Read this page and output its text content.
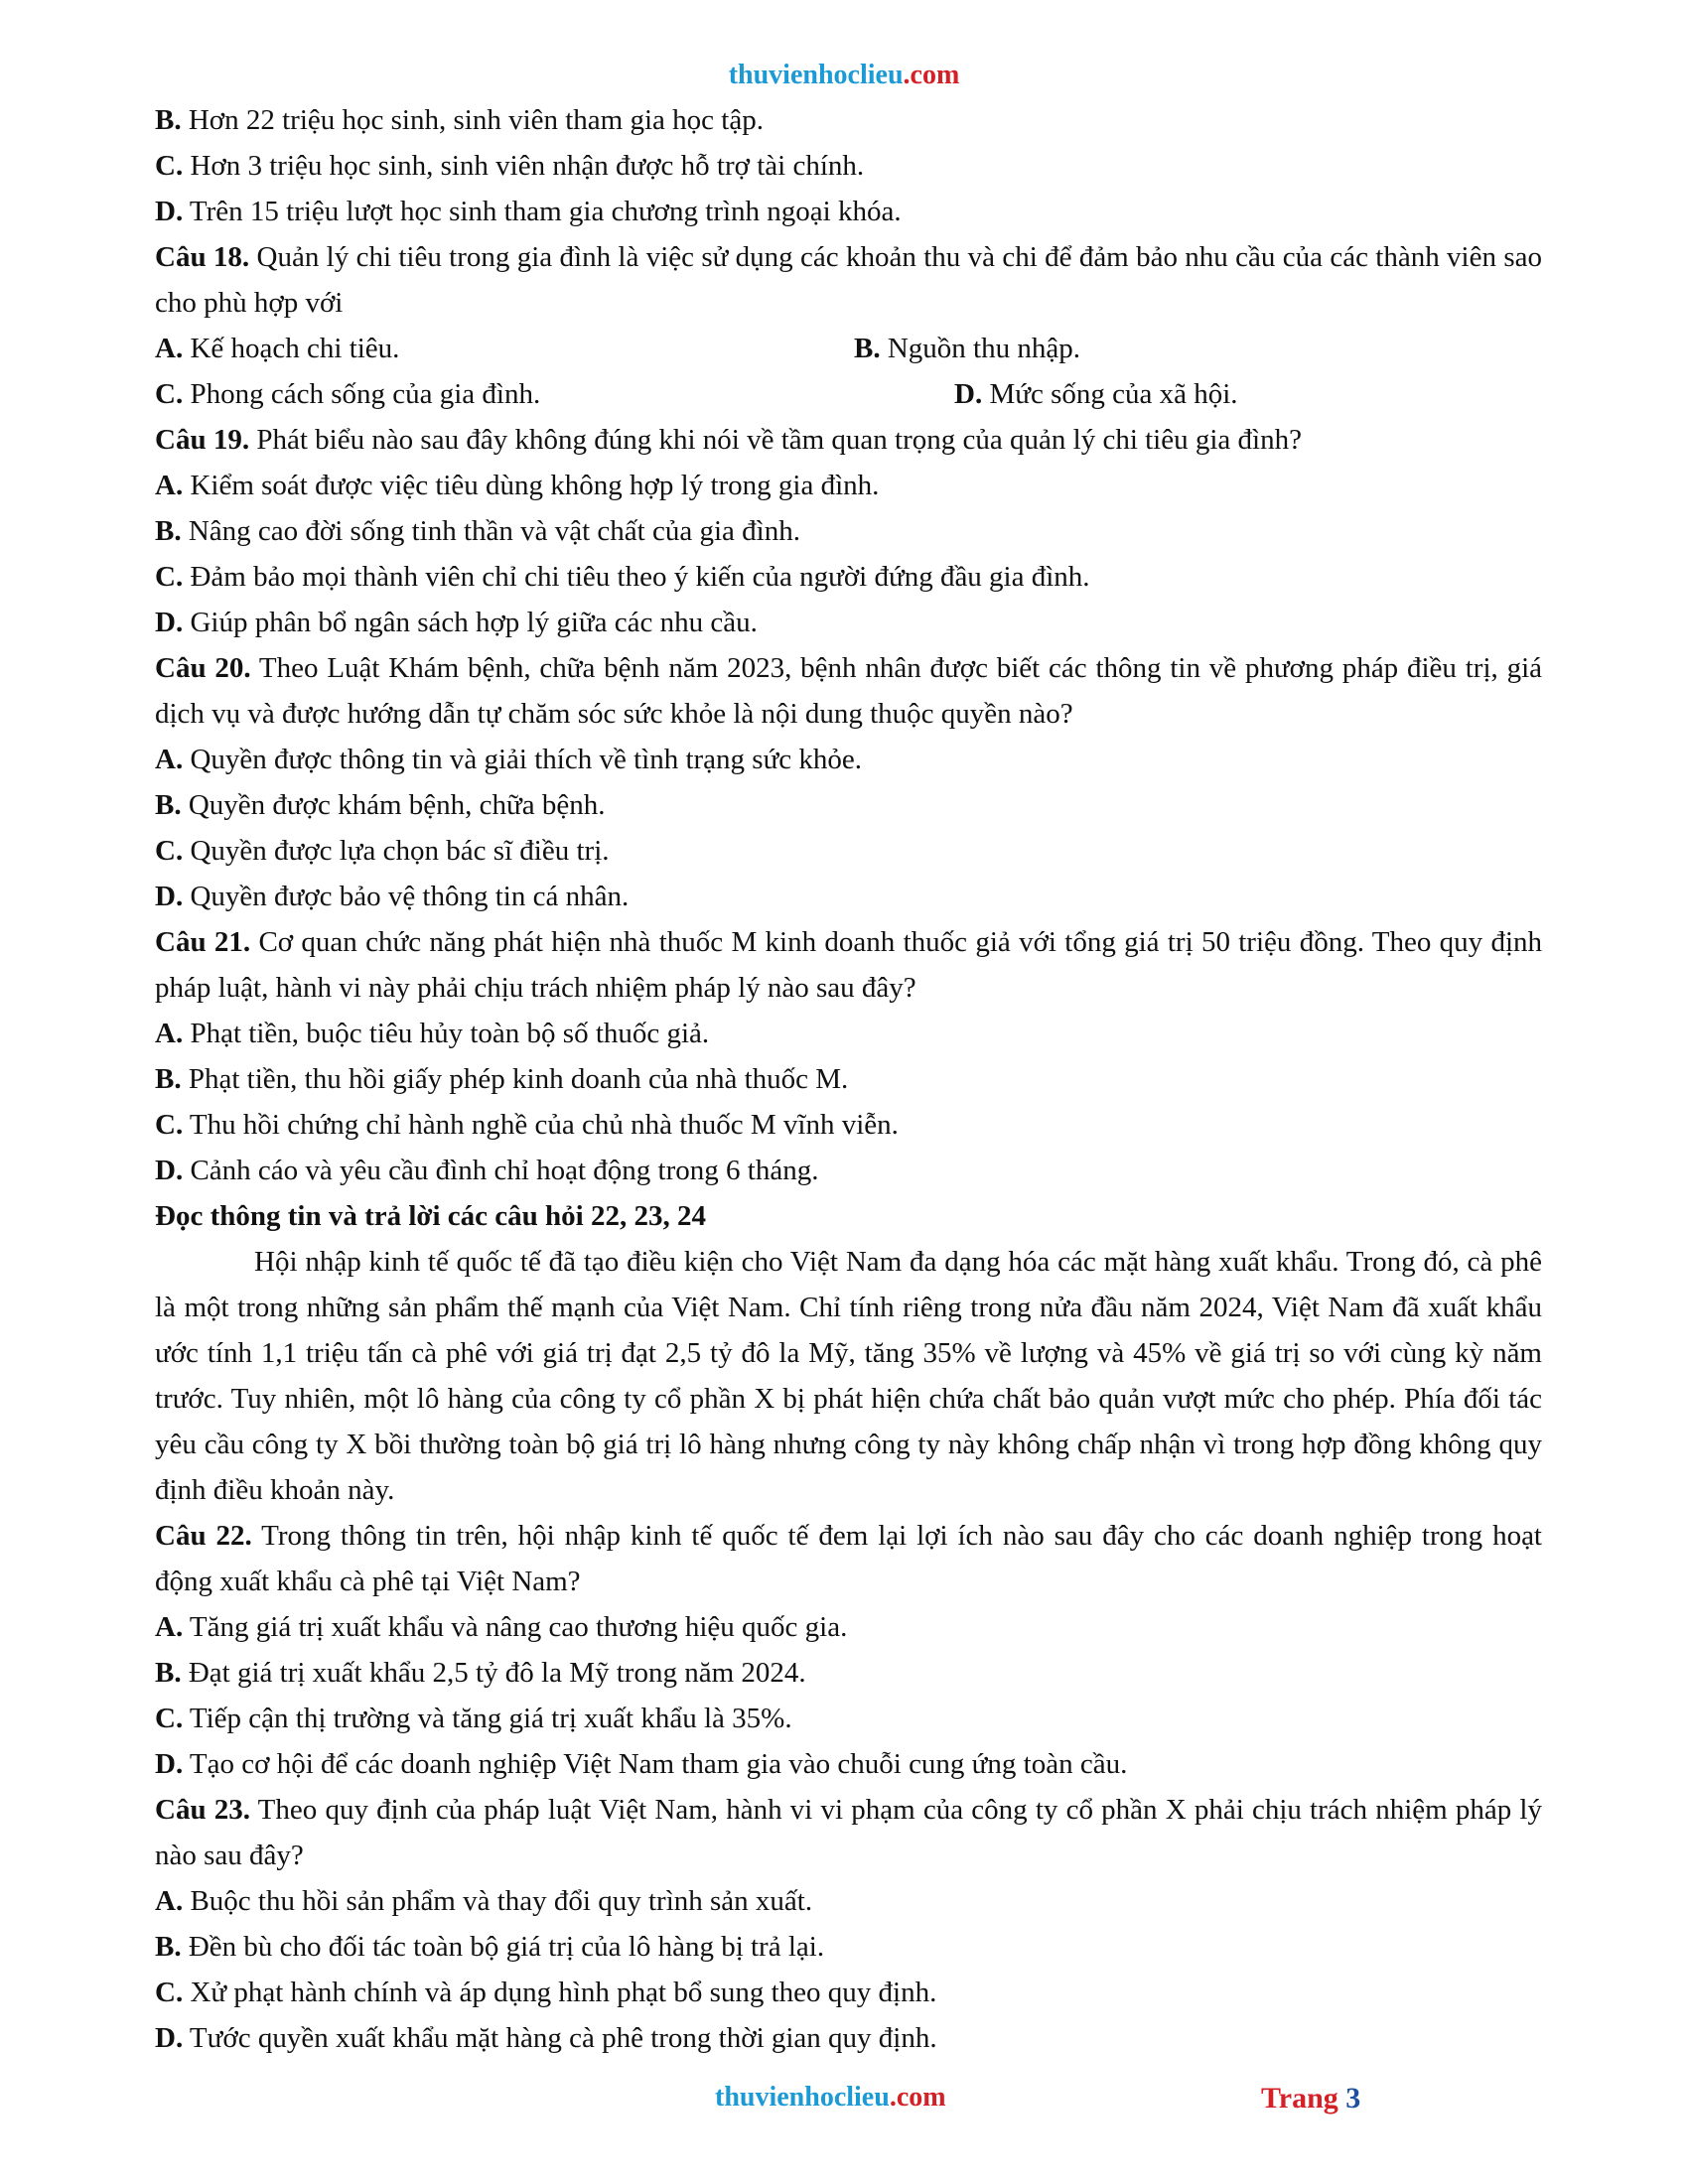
thuvienhoclieu.com

B. Hơn 22 triệu học sinh, sinh viên tham gia học tập.

C. Hơn 3 triệu học sinh, sinh viên nhận được hỗ trợ tài chính.

D. Trên 15 triệu lượt học sinh tham gia chương trình ngoại khóa.

Câu 18. Quản lý chi tiêu trong gia đình là việc sử dụng các khoản thu và chi để đảm bảo nhu cầu của các thành viên sao cho phù hợp với

A. Kế hoạch chi tiêu.	B. Nguồn thu nhập.
C. Phong cách sống của gia đình.	D. Mức sống của xã hội.

Câu 19. Phát biểu nào sau đây không đúng khi nói về tầm quan trọng của quản lý chi tiêu gia đình?

A. Kiểm soát được việc tiêu dùng không hợp lý trong gia đình.

B. Nâng cao đời sống tinh thần và vật chất của gia đình.

C. Đảm bảo mọi thành viên chỉ chi tiêu theo ý kiến của người đứng đầu gia đình.

D. Giúp phân bổ ngân sách hợp lý giữa các nhu cầu.

Câu 20. Theo Luật Khám bệnh, chữa bệnh năm 2023, bệnh nhân được biết các thông tin về phương pháp điều trị, giá dịch vụ và được hướng dẫn tự chăm sóc sức khỏe là nội dung thuộc quyền nào?

A. Quyền được thông tin và giải thích về tình trạng sức khỏe.

B. Quyền được khám bệnh, chữa bệnh.

C. Quyền được lựa chọn bác sĩ điều trị.

D. Quyền được bảo vệ thông tin cá nhân.

Câu 21. Cơ quan chức năng phát hiện nhà thuốc M kinh doanh thuốc giả với tổng giá trị 50 triệu đồng. Theo quy định pháp luật, hành vi này phải chịu trách nhiệm pháp lý nào sau đây?

A. Phạt tiền, buộc tiêu hủy toàn bộ số thuốc giả.

B. Phạt tiền, thu hồi giấy phép kinh doanh của nhà thuốc M.

C. Thu hồi chứng chỉ hành nghề của chủ nhà thuốc M vĩnh viễn.

D. Cảnh cáo và yêu cầu đình chỉ hoạt động trong 6 tháng.

Đọc thông tin và trả lời các câu hỏi 22, 23, 24

Hội nhập kinh tế quốc tế đã tạo điều kiện cho Việt Nam đa dạng hóa các mặt hàng xuất khẩu. Trong đó, cà phê là một trong những sản phẩm thế mạnh của Việt Nam. Chỉ tính riêng trong nửa đầu năm 2024, Việt Nam đã xuất khẩu ước tính 1,1 triệu tấn cà phê với giá trị đạt 2,5 tỷ đô la Mỹ, tăng 35% về lượng và 45% về giá trị so với cùng kỳ năm trước. Tuy nhiên, một lô hàng của công ty cổ phần X bị phát hiện chứa chất bảo quản vượt mức cho phép. Phía đối tác yêu cầu công ty X bồi thường toàn bộ giá trị lô hàng nhưng công ty này không chấp nhận vì trong hợp đồng không quy định điều khoản này.

Câu 22. Trong thông tin trên, hội nhập kinh tế quốc tế đem lại lợi ích nào sau đây cho các doanh nghiệp trong hoạt động xuất khẩu cà phê tại Việt Nam?

A. Tăng giá trị xuất khẩu và nâng cao thương hiệu quốc gia.

B. Đạt giá trị xuất khẩu 2,5 tỷ đô la Mỹ trong năm 2024.

C. Tiếp cận thị trường và tăng giá trị xuất khẩu là 35%.

D. Tạo cơ hội để các doanh nghiệp Việt Nam tham gia vào chuỗi cung ứng toàn cầu.

Câu 23. Theo quy định của pháp luật Việt Nam, hành vi vi phạm của công ty cổ phần X phải chịu trách nhiệm pháp lý nào sau đây?

A. Buộc thu hồi sản phẩm và thay đổi quy trình sản xuất.

B. Đền bù cho đối tác toàn bộ giá trị của lô hàng bị trả lại.

C. Xử phạt hành chính và áp dụng hình phạt bổ sung theo quy định.

D. Tước quyền xuất khẩu mặt hàng cà phê trong thời gian quy định.

thuvienhoclieu.com	Trang 3
